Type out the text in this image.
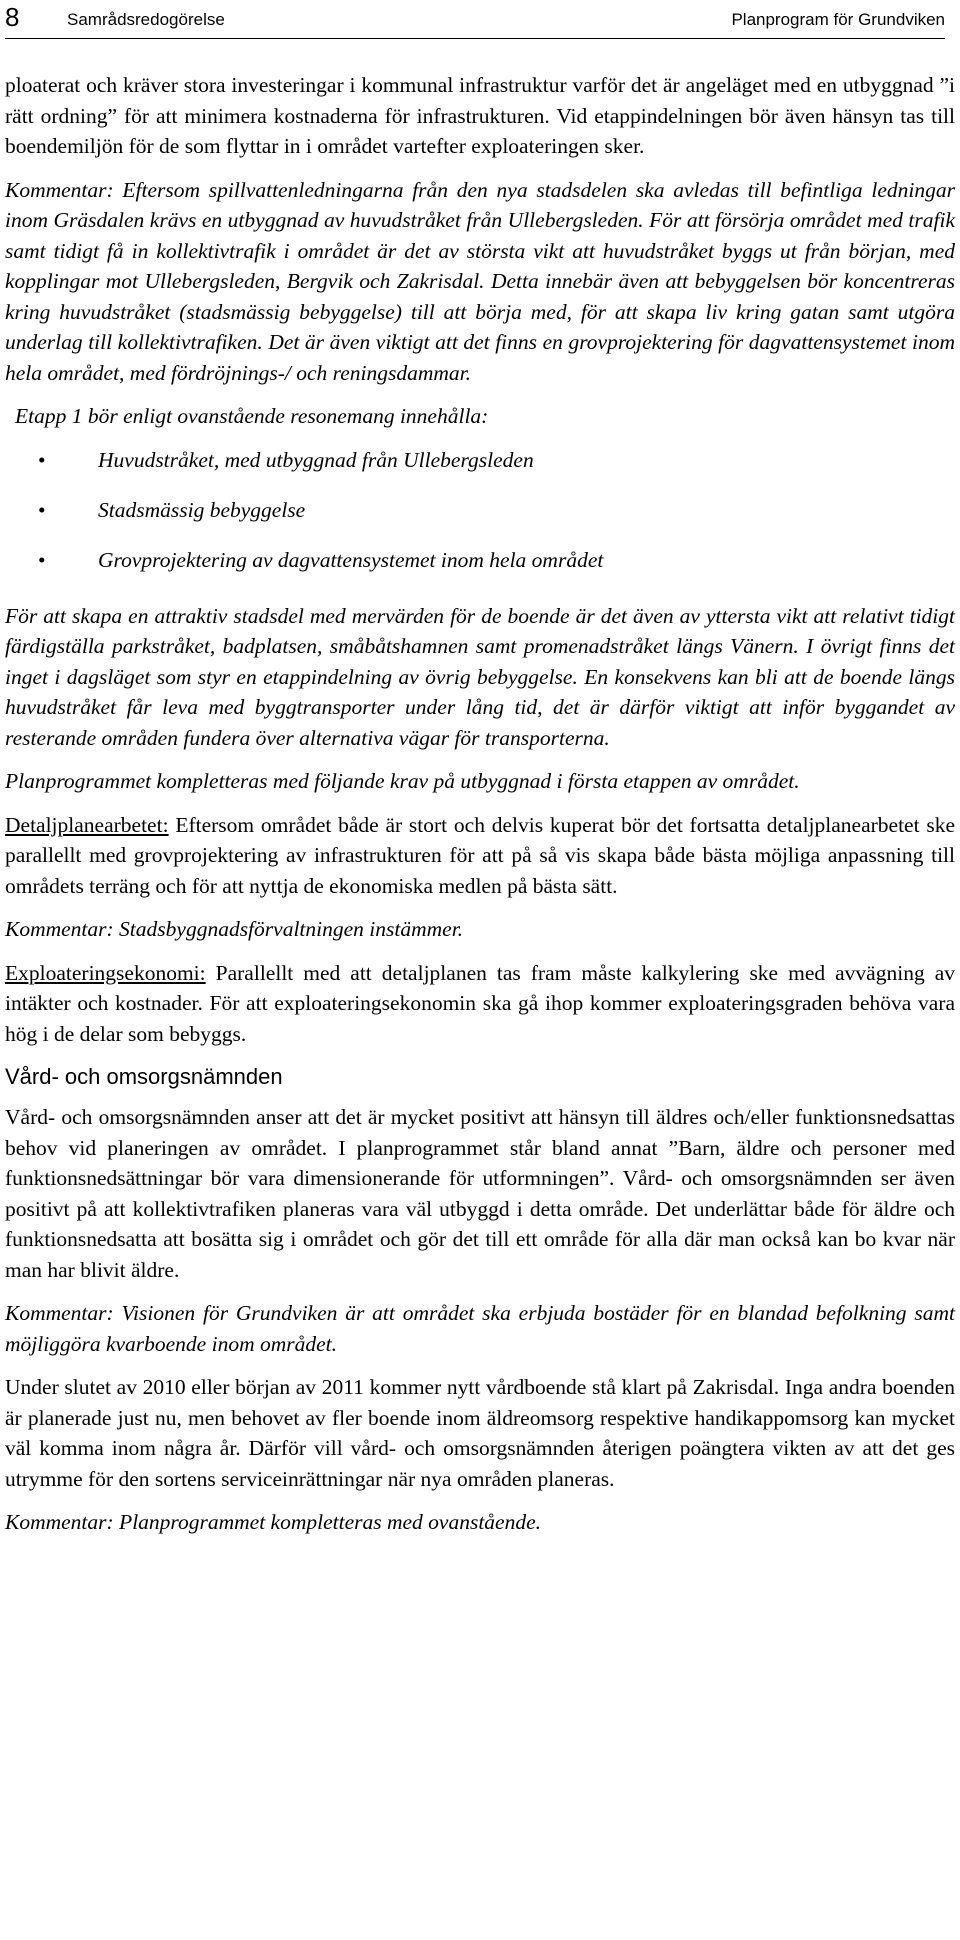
8	Samrådsredogörelse	Planprogram för Grundviken

ploaterat och kräver stora investeringar i kommunal infrastruktur varför det är angeläget med en utbyggnad ”i rätt ordning” för att minimera kostnaderna för infrastrukturen. Vid etappindelningen bör även hänsyn tas till boendemiljön för de som flyttar in i området vartefter exploateringen sker.

Kommentar: Eftersom spillvattenledningarna från den nya stadsdelen ska avledas till befintliga ledningar inom Gräsdalen krävs en utbyggnad av huvudstråket från Ullebergsleden. För att försörja området med trafik samt tidigt få in kollektivtrafik i området är det av största vikt att huvudstråket byggs ut från början, med kopplingar mot Ullebergsleden, Bergvik och Zakrisdal. Detta innebär även att bebyggelsen bör koncentreras kring huvudstråket (stadsmässig bebyggelse) till att börja med, för att skapa liv kring gatan samt utgöra underlag till kollektivtrafiken. Det är även viktigt att det finns en grovprojektering för dagvattensystemet inom hela området, med fördröjnings-/ och reningsdammar.

Etapp 1 bör enligt ovanstående resonemang innehålla:

• Huvudstråket, med utbyggnad från Ullebergsleden
• Stadsmässig bebyggelse
• Grovprojektering av dagvattensystemet inom hela området

För att skapa en attraktiv stadsdel med mervärden för de boende är det även av yttersta vikt att relativt tidigt färdigställa parkstråket, badplatsen, småbåtshamnen samt promenadstråket längs Vänern. I övrigt finns det inget i dagsläget som styr en etappindelning av övrig bebyggelse. En konsekvens kan bli att de boende längs huvudstråket får leva med byggtransporter under lång tid, det är därför viktigt att inför byggandet av resterande områden fundera över alternativa vägar för transporterna.

Planprogrammet kompletteras med följande krav på utbyggnad i första etappen av området.

Detaljplanearbetet: Eftersom området både är stort och delvis kuperat bör det fortsatta detaljplanearbetet ske parallellt med grovprojektering av infrastrukturen för att på så vis skapa både bästa möjliga anpassning till områdets terräng och för att nyttja de ekonomiska medlen på bästa sätt.

Kommentar: Stadsbyggnadsförvaltningen instämmer.

Exploateringsekonomi: Parallellt med att detaljplanen tas fram måste kalkylering ske med avvägning av intäkter och kostnader. För att exploateringsekonomin ska gå ihop kommer exploateringsgraden behöva vara hög i de delar som bebyggs.

Vård- och omsorgsnämnden

Vård- och omsorgsnämnden anser att det är mycket positivt att hänsyn till äldres och/eller funktionsnedsattas behov vid planeringen av området. I planprogrammet står bland annat ”Barn, äldre och personer med funktionsnedsättningar bör vara dimensionerande för utformningen”. Vård- och omsorgsnämnden ser även positivt på att kollektivtrafiken planeras vara väl utbyggd i detta område. Det underlättar både för äldre och funktionsnedsatta att bosätta sig i området och gör det till ett område för alla där man också kan bo kvar när man har blivit äldre.

Kommentar: Visionen för Grundviken är att området ska erbjuda bostäder för en blandad befolkning samt möjliggöra kvarboende inom området.

Under slutet av 2010 eller början av 2011 kommer nytt vårdboende stå klart på Zakrisdal. Inga andra boenden är planerade just nu, men behovet av fler boende inom äldreomsorg respektive handikappomsorg kan mycket väl komma inom några år. Därför vill vård- och omsorgsnämnden återigen poängtera vikten av att det ges utrymme för den sortens serviceinrättningar när nya områden planeras.

Kommentar: Planprogrammet kompletteras med ovanstående.
